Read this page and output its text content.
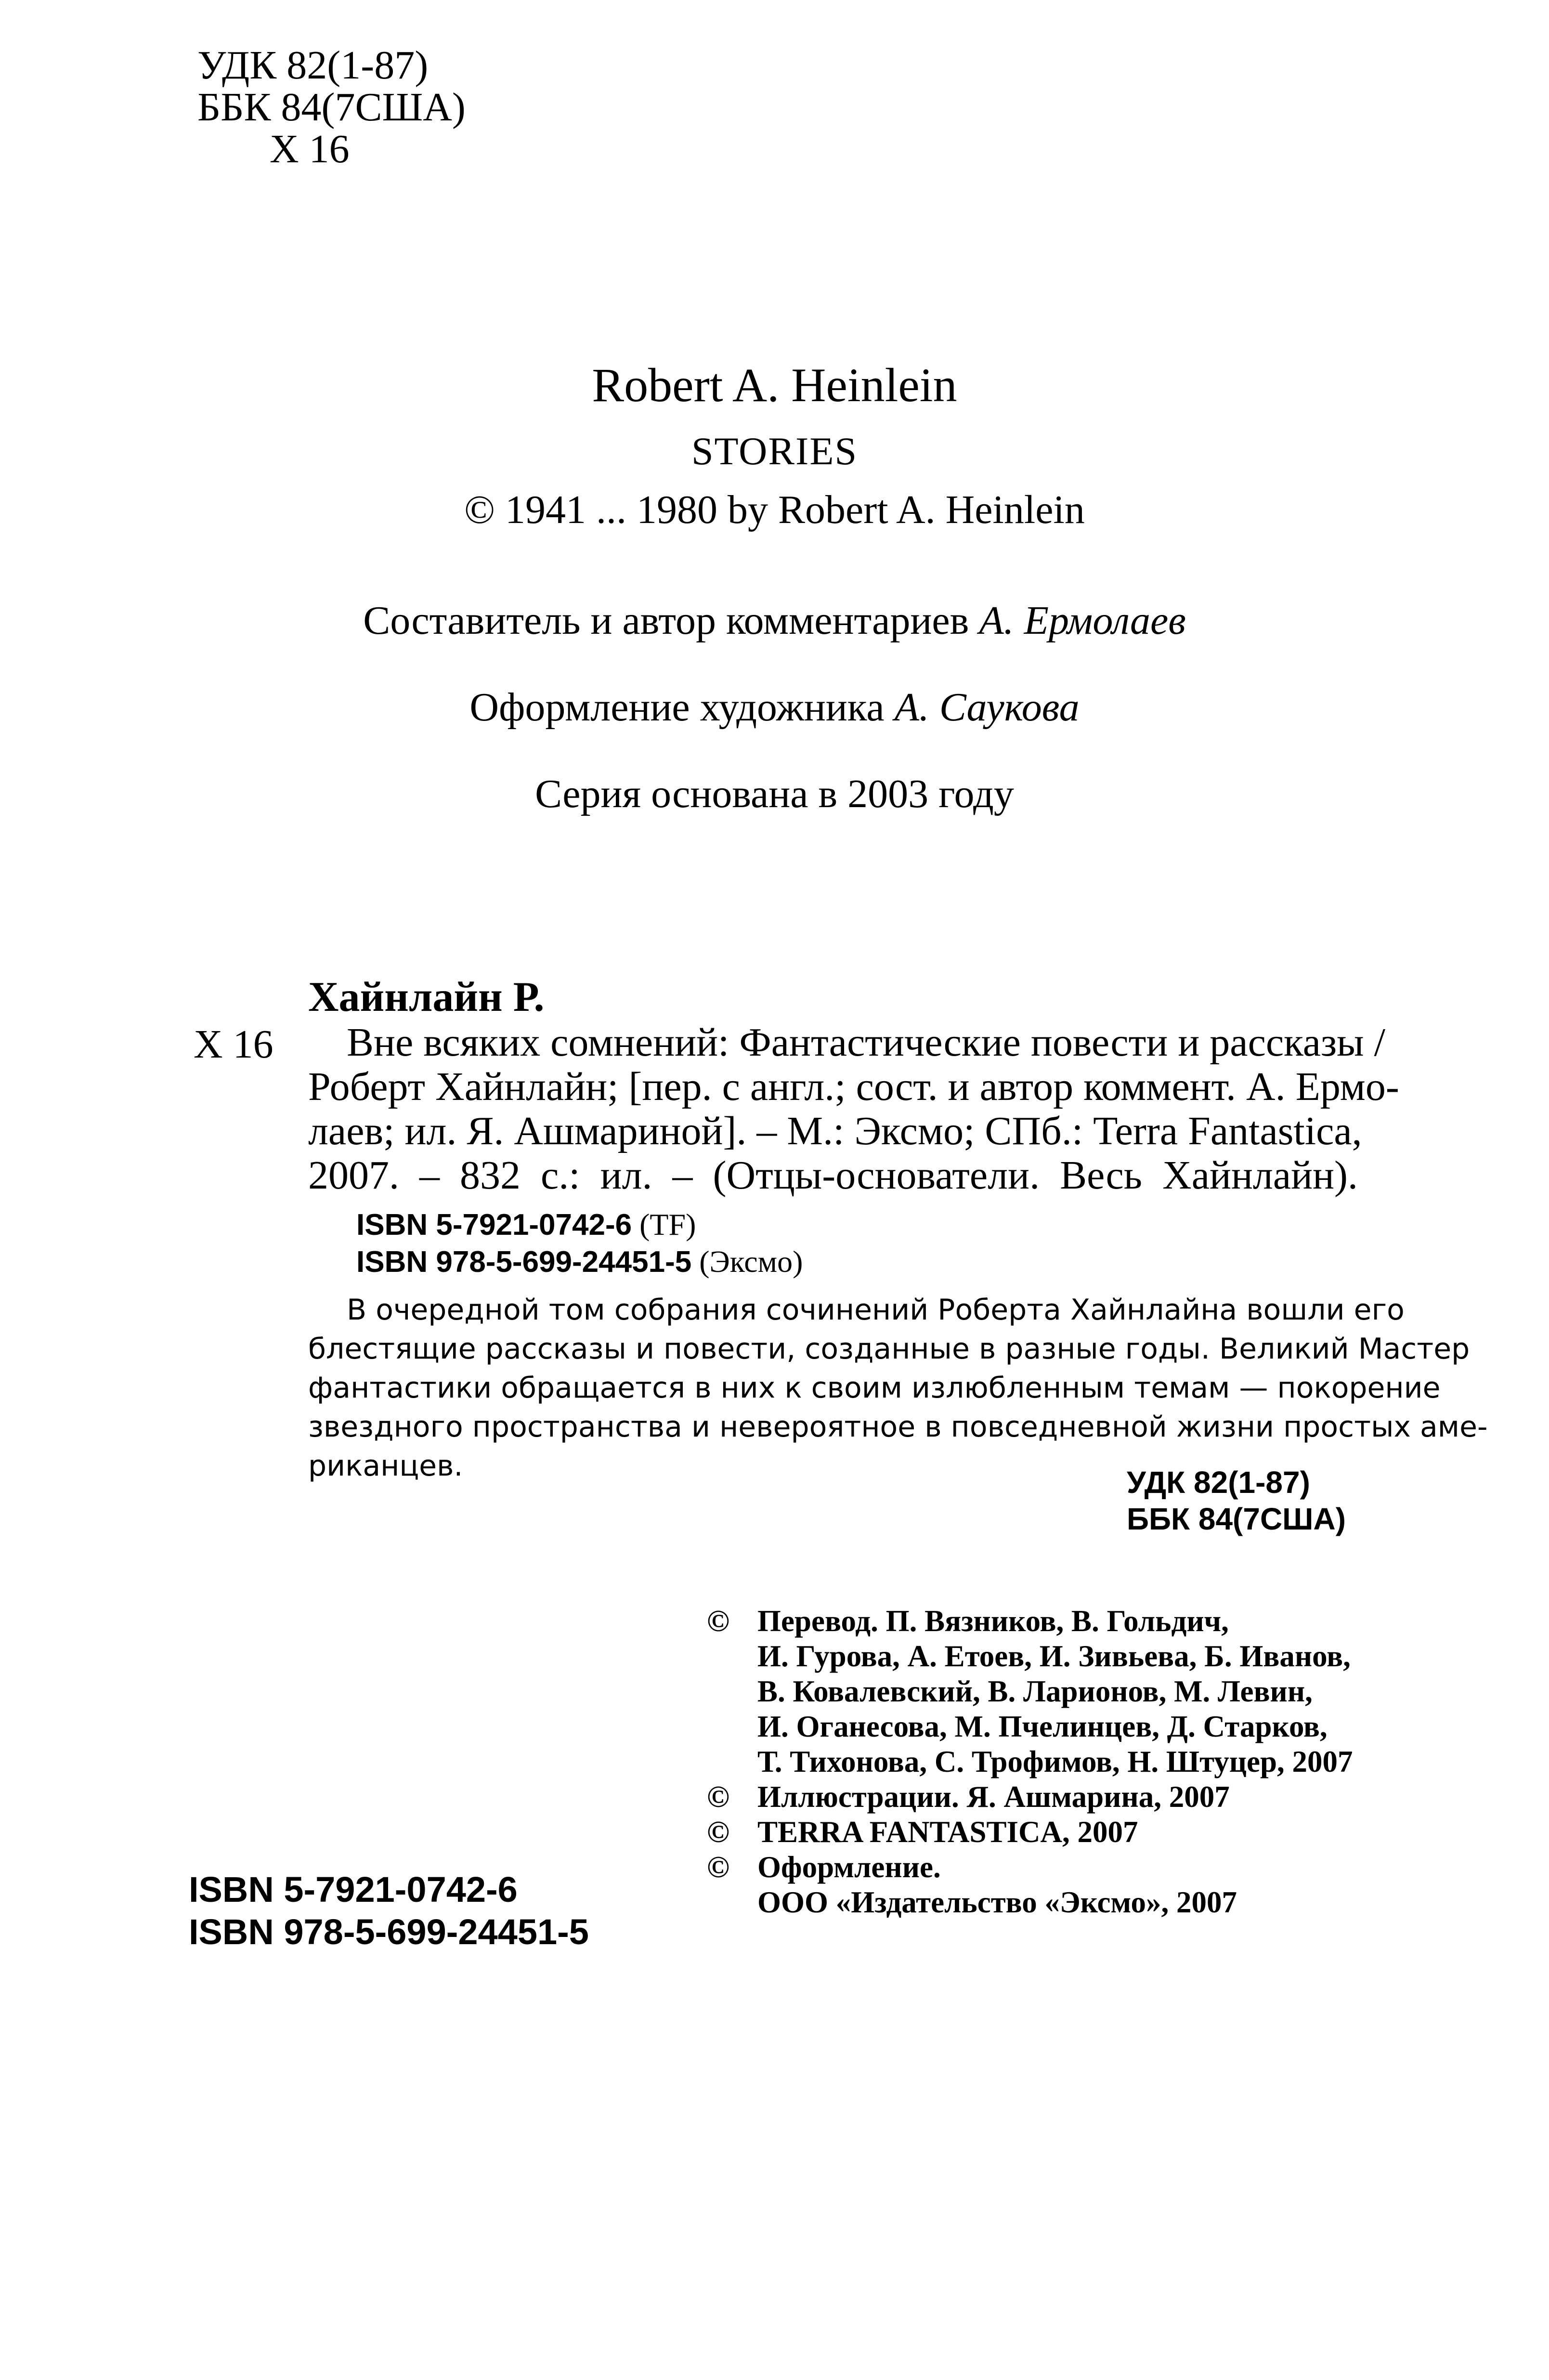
УДК 82(1-87)
ББК 84(7США)
Х 16
Robert A. Heinlein
STORIES
© 1941 ... 1980 by Robert A. Heinlein
Составитель и автор комментариев А. Ермолаев
Оформление художника А. Саукова
Серия основана в 2003 году
Х 16
Хайнлайн Р.
Вне всяких сомнений: Фантастические повести и рассказы /
Роберт Хайнлайн; [пер. с англ.; сост. и автор коммент. А. Ермо-
лаев; ил. Я. Ашмариной]. – М.: Эксмо; СПб.: Terra Fantastica,
2007. – 832 с.: ил. – (Отцы-основатели. Весь Хайнлайн).
ISBN 5-7921-0742-6 (TF)
ISBN 978-5-699-24451-5 (Эксмо)
В очередной том собрания сочинений Роберта Хайнлайна вошли его
блестящие рассказы и повести, созданные в разные годы. Великий Мастер
фантастики обращается в них к своим излюбленным темам — покорение
звездного пространства и невероятное в повседневной жизни простых аме-
риканцев.	УДК 82(1-87)
ББК 84(7США)
© Перевод. П. Вязников, В. Гольдич,
И. Гурова, А. Етоев, И. Зивьева, Б. Иванов,
В. Ковалевский, В. Ларионов, М. Левин,
И. Оганесова, М. Пчелинцев, Д. Старков,
Т. Тихонова, С. Трофимов, Н. Штуцер, 2007
© Иллюстрации. Я. Ашмарина, 2007
© TERRA FANTASTICA, 2007
© Оформление.
ООО «Издательство «Эксмо», 2007
ISBN 5-7921-0742-6
ISBN 978-5-699-24451-5
